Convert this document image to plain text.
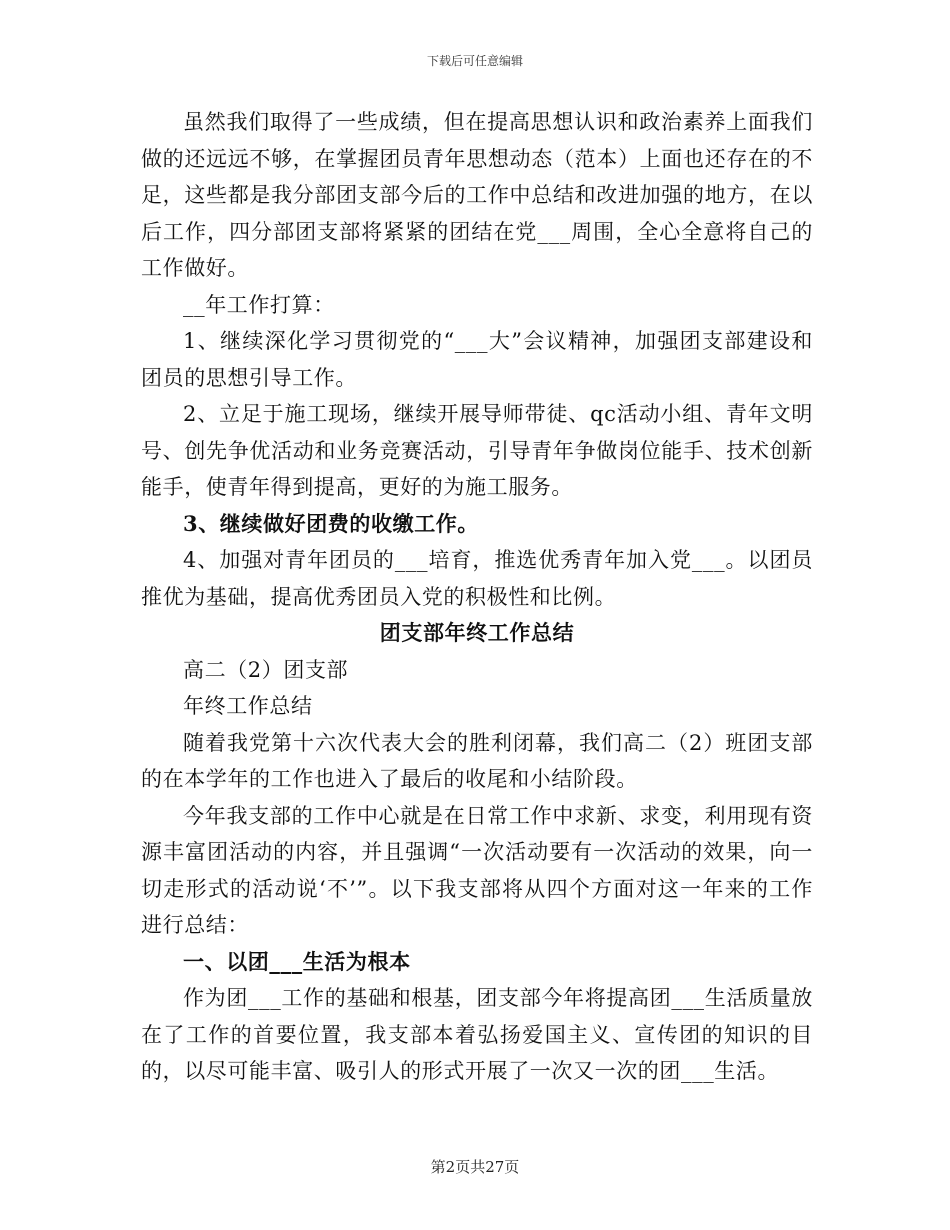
下载后可任意编辑

虽然我们取得了一些成绩，但在提高思想认识和政治素养上面我们做的还远远不够，在掌握团员青年思想动态（范本）上面也还存在的不足，这些都是我分部团支部今后的工作中总结和改进加强的地方，在以后工作，四分部团支部将紧紧的团结在党___周围，全心全意将自己的工作做好。

__年工作打算：

1、继续深化学习贯彻党的“___大”会议精神，加强团支部建设和团员的思想引导工作。

2、立足于施工现场，继续开展导师带徒、qc活动小组、青年文明号、创先争优活动和业务竞赛活动，引导青年争做岗位能手、技术创新能手，使青年得到提高，更好的为施工服务。

3、继续做好团费的收缴工作。

4、加强对青年团员的___培育，推选优秀青年加入党___。以团员推优为基础，提高优秀团员入党的积极性和比例。

团支部年终工作总结

高二（2）团支部

年终工作总结

随着我党第十六次代表大会的胜利闭幕，我们高二（2）班团支部的在本学年的工作也进入了最后的收尾和小结阶段。

今年我支部的工作中心就是在日常工作中求新、求变，利用现有资源丰富团活动的内容，并且强调“一次活动要有一次活动的效果，向一切走形式的活动说‘不’”。以下我支部将从四个方面对这一年来的工作进行总结：

一、以团___生活为根本

作为团___工作的基础和根基，团支部今年将提高团___生活质量放在了工作的首要位置，我支部本着弘扬爱国主义、宣传团的知识的目的，以尽可能丰富、吸引人的形式开展了一次又一次的团___生活。

第2页共27页
